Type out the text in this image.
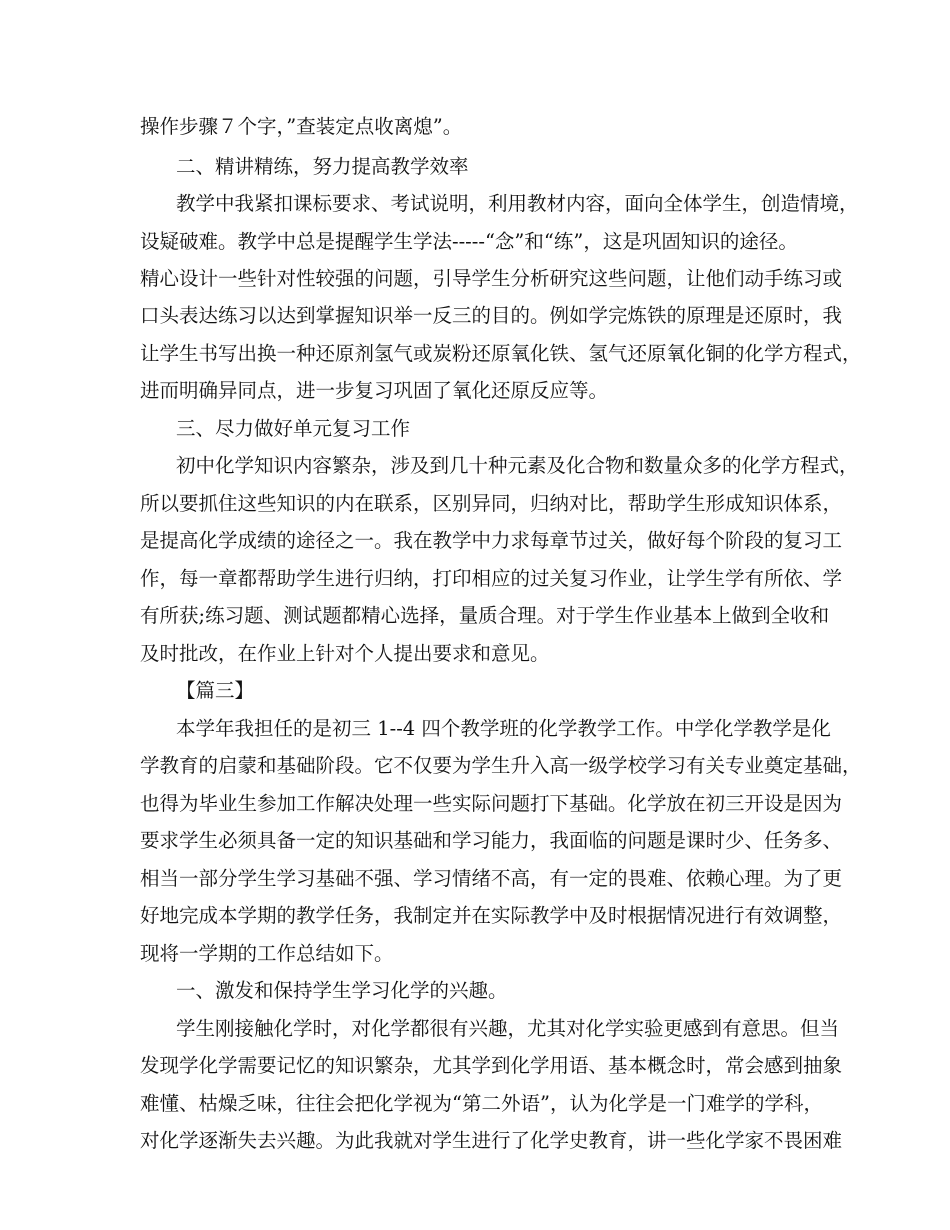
操作步骤７个字，”查装定点收离熄”。
二、精讲精练，努力提高教学效率
教学中我紧扣课标要求、考试说明，利用教材内容，面向全体学生，创造情境，
设疑破难。教学中总是提醒学生学法-----“念”和“练”，这是巩固知识的途径。
精心设计一些针对性较强的问题，引导学生分析研究这些问题，让他们动手练习或
口头表达练习以达到掌握知识举一反三的目的。例如学完炼铁的原理是还原时，我
让学生书写出换一种还原剂氢气或炭粉还原氧化铁、氢气还原氧化铜的化学方程式，
进而明确异同点，进一步复习巩固了氧化还原反应等。
三、尽力做好单元复习工作
初中化学知识内容繁杂，涉及到几十种元素及化合物和数量众多的化学方程式，
所以要抓住这些知识的内在联系，区别异同，归纳对比，帮助学生形成知识体系，
是提高化学成绩的途径之一。我在教学中力求每章节过关，做好每个阶段的复习工
作，每一章都帮助学生进行归纳，打印相应的过关复习作业，让学生学有所依、学
有所获;练习题、测试题都精心选择，量质合理。对于学生作业基本上做到全收和
及时批改，在作业上针对个人提出要求和意见。
【篇三】
本学年我担任的是初三 1--4 四个教学班的化学教学工作。中学化学教学是化
学教育的启蒙和基础阶段。它不仅要为学生升入高一级学校学习有关专业奠定基础，
也得为毕业生参加工作解决处理一些实际问题打下基础。化学放在初三开设是因为
要求学生必须具备一定的知识基础和学习能力，我面临的问题是课时少、任务多、
相当一部分学生学习基础不强、学习情绪不高，有一定的畏难、依赖心理。为了更
好地完成本学期的教学任务，我制定并在实际教学中及时根据情况进行有效调整，
现将一学期的工作总结如下。
一、激发和保持学生学习化学的兴趣。
学生刚接触化学时，对化学都很有兴趣，尤其对化学实验更感到有意思。但当
发现学化学需要记忆的知识繁杂，尤其学到化学用语、基本概念时，常会感到抽象
难懂、枯燥乏味，往往会把化学视为“第二外语”，认为化学是一门难学的学科，
对化学逐渐失去兴趣。为此我就对学生进行了化学史教育，讲一些化学家不畏困难
